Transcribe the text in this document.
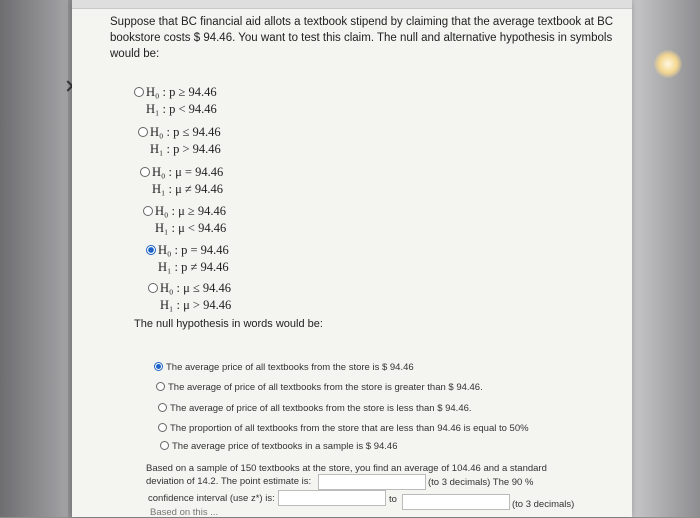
Suppose that BC financial aid allots a textbook stipend by claiming that the average textbook at BC bookstore costs $ 94.46. You want to test this claim. The null and alternative hypothesis in symbols would be:
H₀ : p ≥ 94.46
H₁ : p < 94.46
H₀ : p ≤ 94.46
H₁ : p > 94.46
H₀ : μ = 94.46
H₁ : μ ≠ 94.46
H₀ : μ ≥ 94.46
H₁ : μ < 94.46
H₀ : p = 94.46
H₁ : p ≠ 94.46
H₀ : μ ≤ 94.46
H₁ : μ > 94.46
The null hypothesis in words would be:
The average price of all textbooks from the store is $ 94.46
The average of price of all textbooks from the store is greater than $ 94.46.
The average of price of all textbooks from the store is less than $ 94.46.
The proportion of all textbooks from the store that are less than 94.46 is equal to 50%
The average price of textbooks in a sample is $ 94.46
Based on a sample of 150 textbooks at the store, you find an average of 104.46 and a standard
deviation of 14.2. The point estimate is:	(to 3 decimals) The 90 %
confidence interval (use z*) is:	to	(to 3 decimals)
Based on this ...
